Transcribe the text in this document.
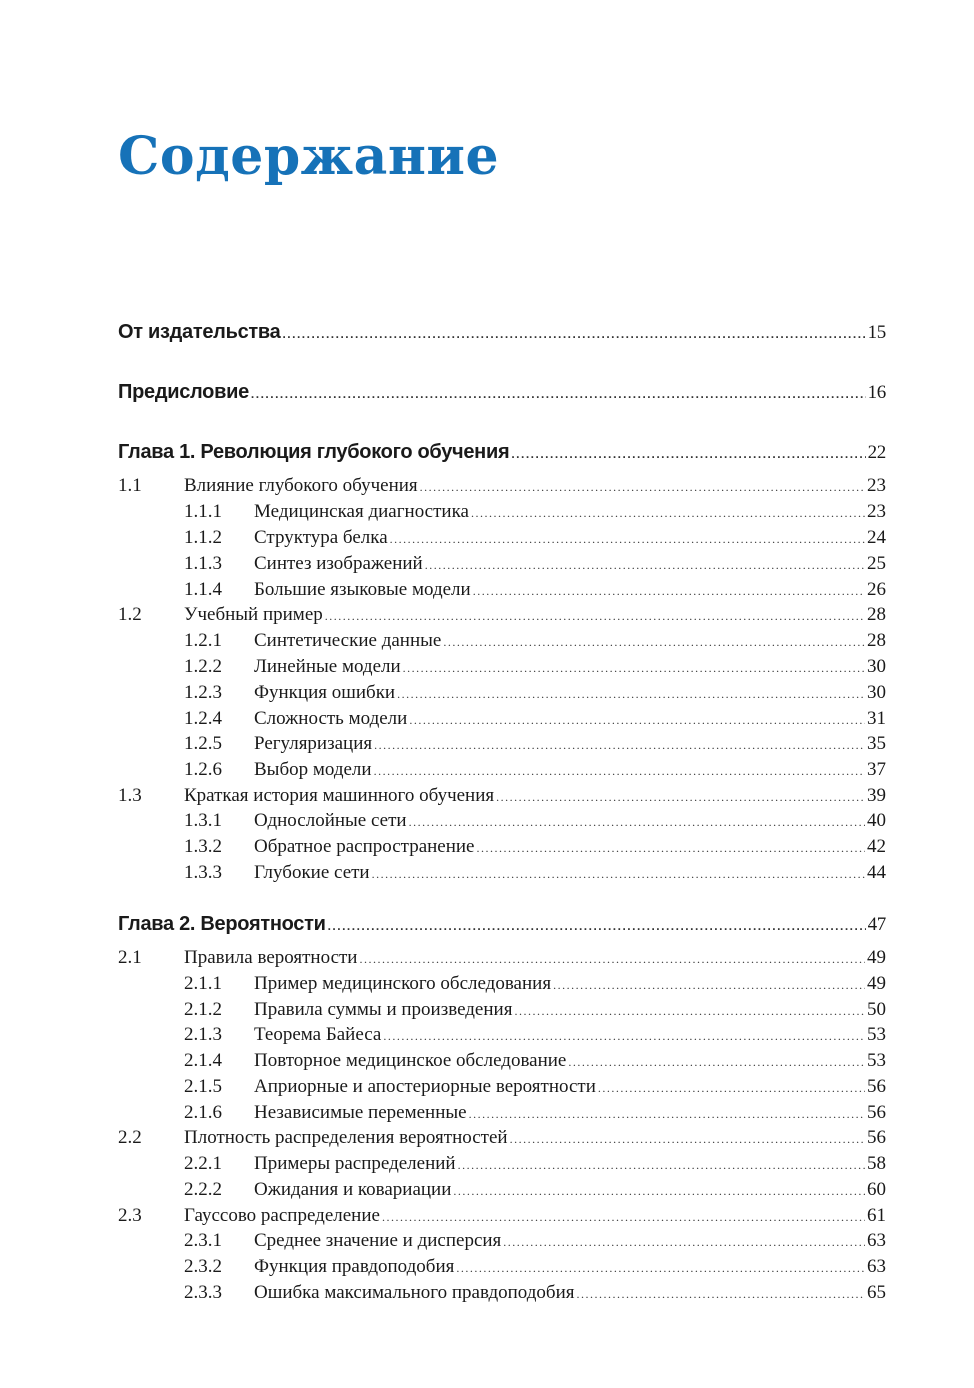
Содержание
От издательства .....	15
Предисловие .....	16
Глава 1. Революция глубокого обучения .....	22
1.1	Влияние глубокого обучения .....	23
1.1.1	Медицинская диагностика .....	23
1.1.2	Структура белка .....	24
1.1.3	Синтез изображений .....	25
1.1.4	Большие языковые модели .....	26
1.2	Учебный пример .....	28
1.2.1	Синтетические данные .....	28
1.2.2	Линейные модели .....	30
1.2.3	Функция ошибки .....	30
1.2.4	Сложность модели .....	31
1.2.5	Регуляризация .....	35
1.2.6	Выбор модели .....	37
1.3	Краткая история машинного обучения .....	39
1.3.1	Однослойные сети .....	40
1.3.2	Обратное распространение .....	42
1.3.3	Глубокие сети .....	44
Глава 2. Вероятности .....	47
2.1	Правила вероятности .....	49
2.1.1	Пример медицинского обследования .....	49
2.1.2	Правила суммы и произведения .....	50
2.1.3	Теорема Байеса .....	53
2.1.4	Повторное медицинское обследование .....	53
2.1.5	Априорные и апостериорные вероятности .....	56
2.1.6	Независимые переменные .....	56
2.2	Плотность распределения вероятностей .....	56
2.2.1	Примеры распределений .....	58
2.2.2	Ожидания и ковариации .....	60
2.3	Гауссово распределение .....	61
2.3.1	Среднее значение и дисперсия .....	63
2.3.2	Функция правдоподобия .....	63
2.3.3	Ошибка максимального правдоподобия .....	65
